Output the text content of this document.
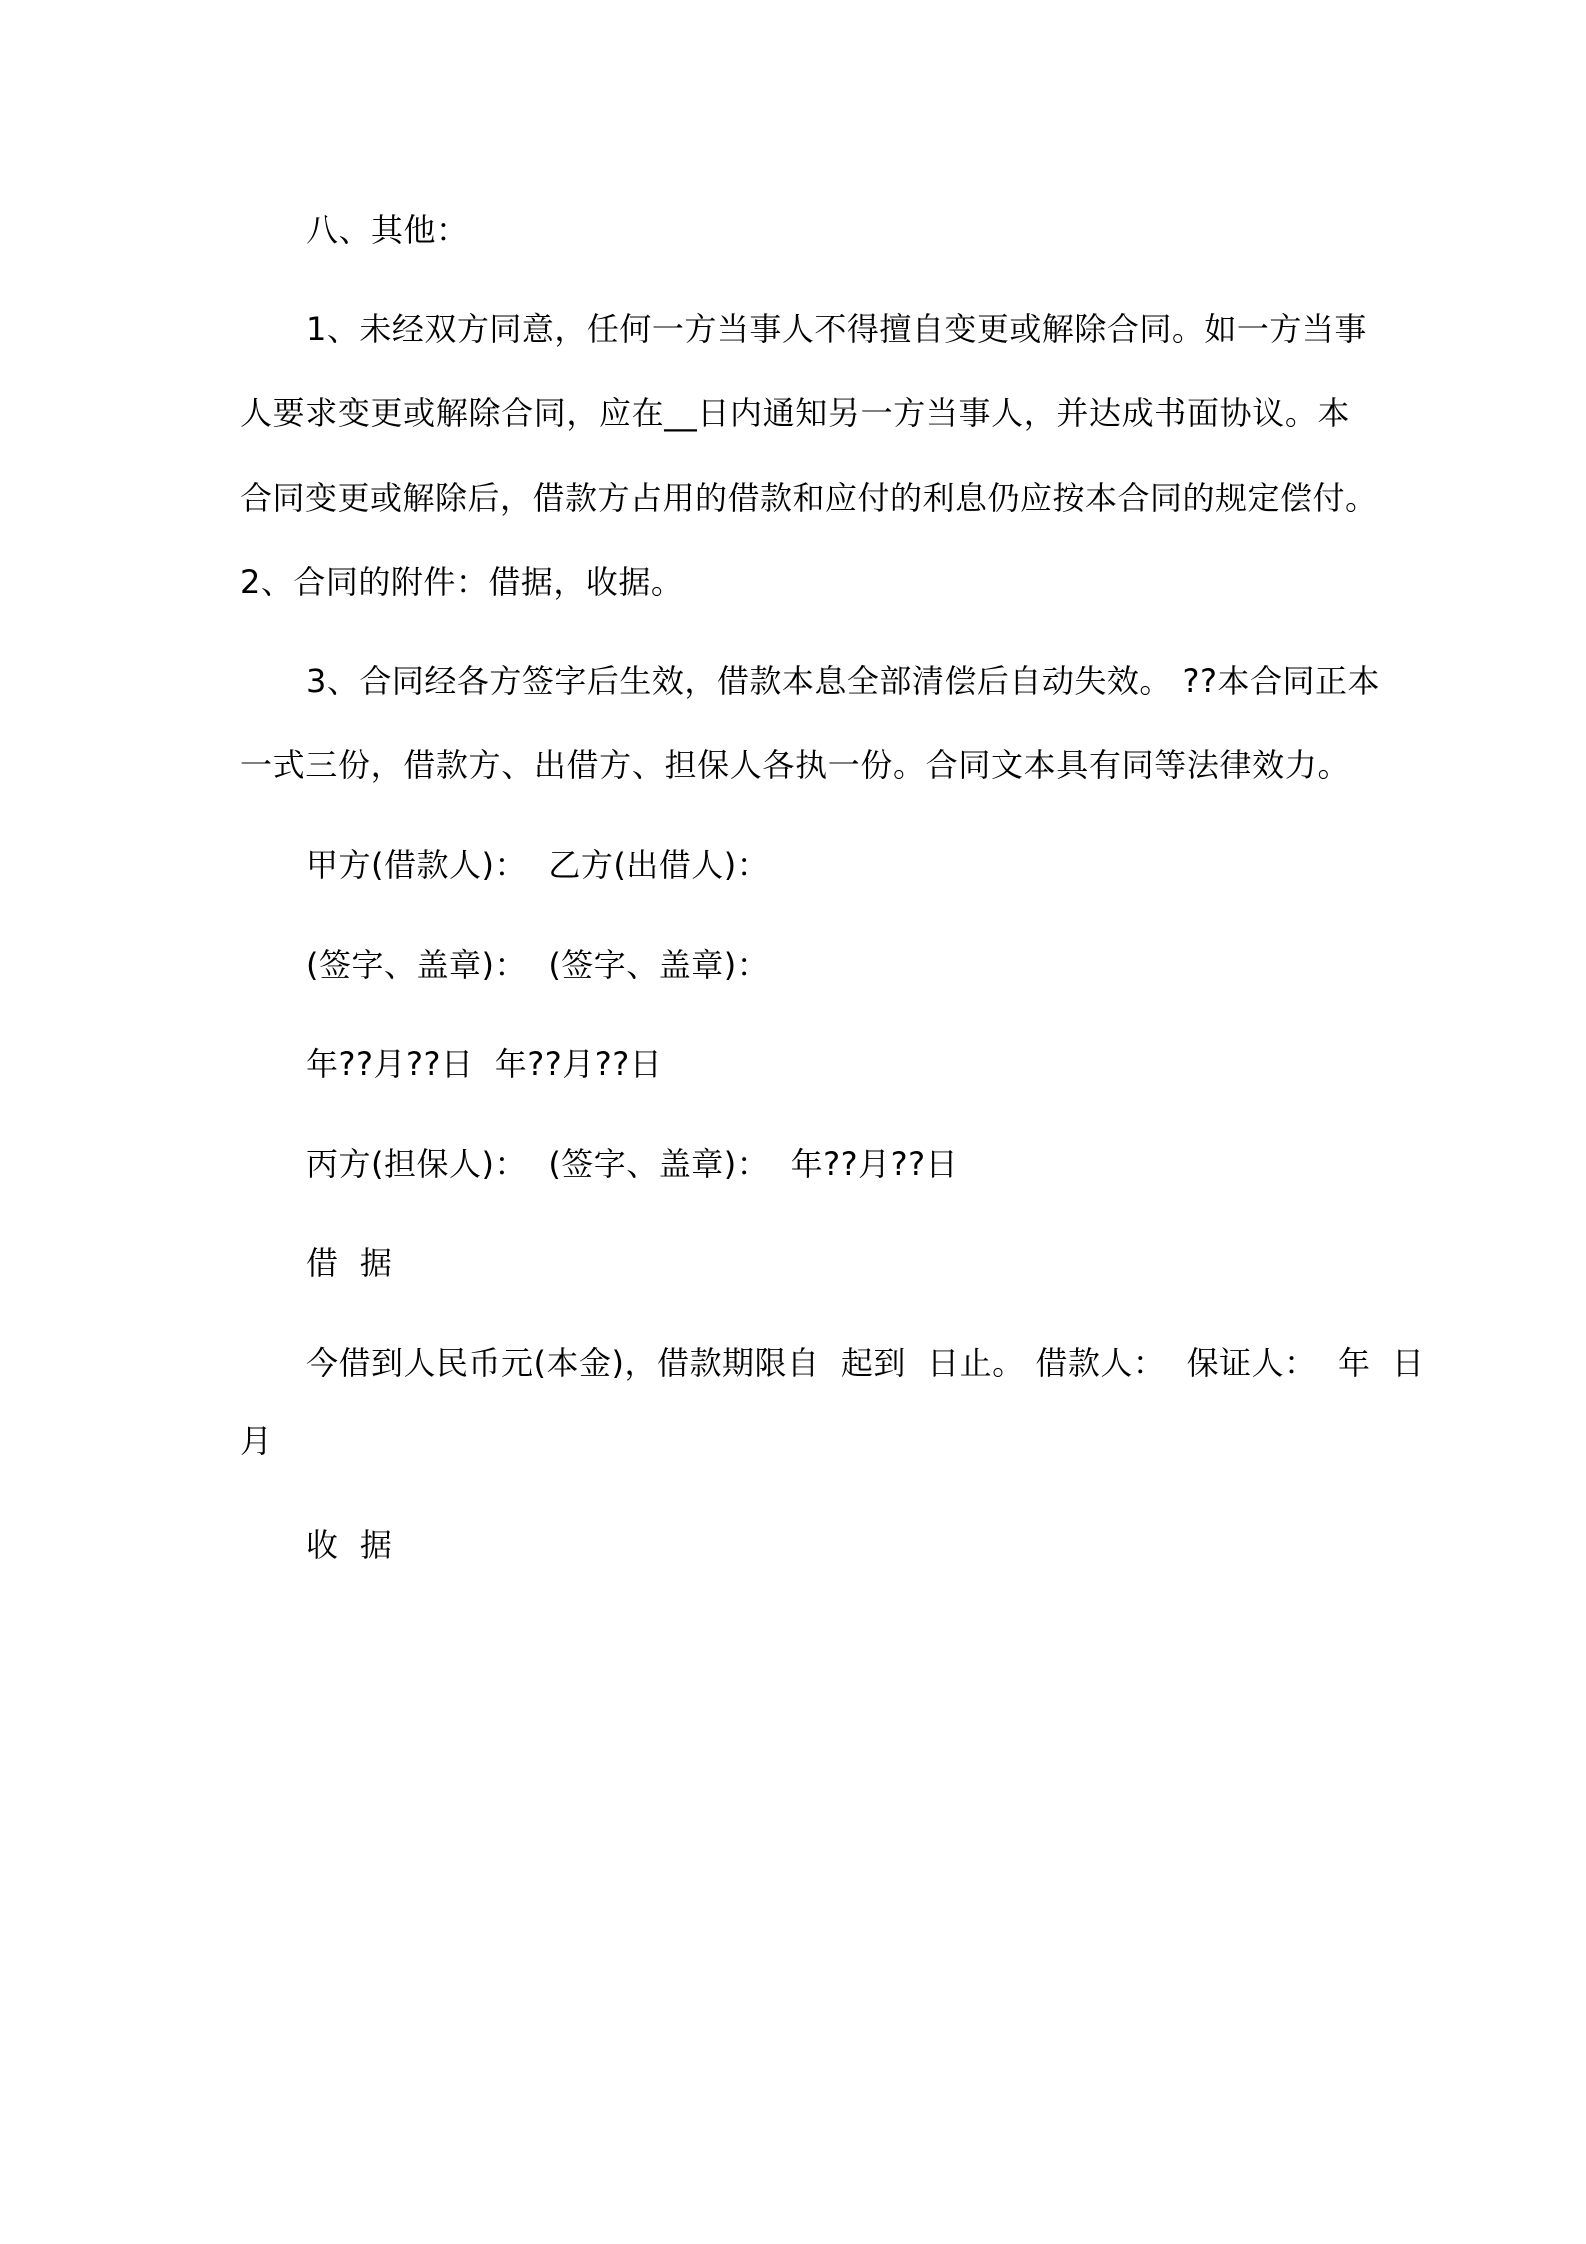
八、其他：
1、未经双方同意，任何一方当事人不得擅自变更或解除合同。如一方当事
人要求变更或解除合同，应在__日内通知另一方当事人，并达成书面协议。本
合同变更或解除后，借款方占用的借款和应付的利息仍应按本合同的规定偿付。
2、合同的附件：借据，收据。
3、合同经各方签字后生效，借款本息全部清偿后自动失效。 ??本合同正本
一式三份，借款方、出借方、担保人各执一份。合同文本具有同等法律效力。
甲方(借款人)：  乙方(出借人)：
(签字、盖章)：  (签字、盖章)：
年??月??日  年??月??日
丙方(担保人)：  (签字、盖章)：  年??月??日
借  据
今借到人民币元(本金)，借款期限自  起到  日止。 借款人：  保证人：  年  日
月
收  据
